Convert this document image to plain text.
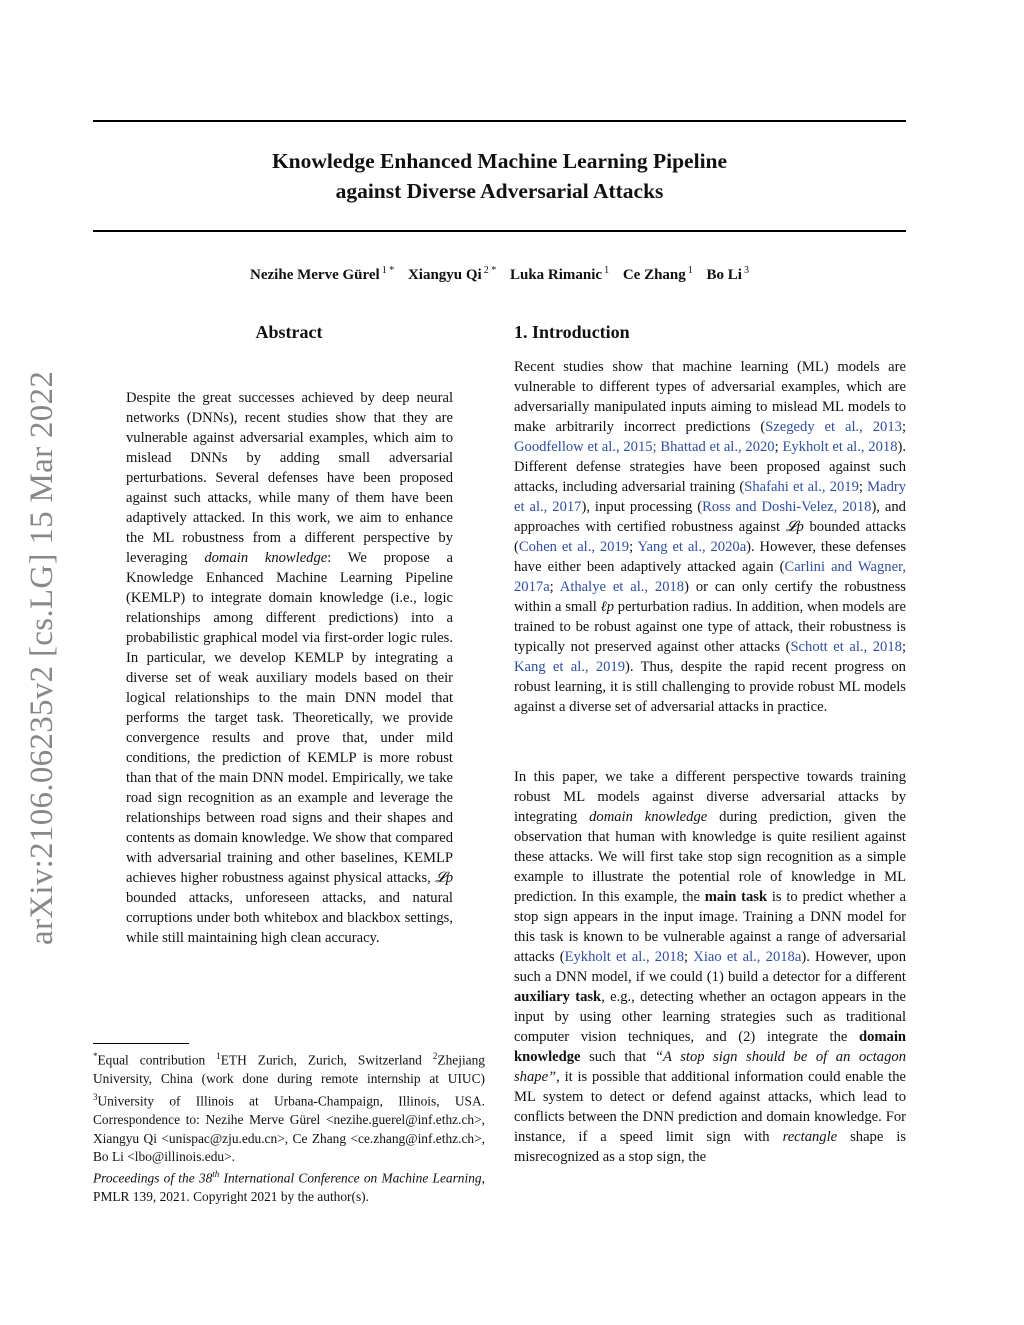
arXiv:2106.06235v2 [cs.LG] 15 Mar 2022
Knowledge Enhanced Machine Learning Pipeline
against Diverse Adversarial Attacks
Nezihe Merve Gürel $^{1 *}$ Xiangyu Qi $^{2 *}$ Luka Rimanic $^1$ Ce Zhang $^1$ Bo Li $^3$
Abstract
Despite the great successes achieved by deep neural networks (DNNs), recent studies show that they are vulnerable against adversarial examples, which aim to mislead DNNs by adding small adversarial perturbations. Several defenses have been proposed against such attacks, while many of them have been adaptively attacked. In this work, we aim to enhance the ML robustness from a different perspective by leveraging domain knowledge: We propose a Knowledge Enhanced Machine Learning Pipeline (KEMLP) to integrate domain knowledge (i.e., logic relationships among different predictions) into a probabilistic graphical model via first-order logic rules. In particular, we develop KEMLP by integrating a diverse set of weak auxiliary models based on their logical relationships to the main DNN model that performs the target task. Theoretically, we provide convergence results and prove that, under mild conditions, the prediction of KEMLP is more robust than that of the main DNN model. Empirically, we take road sign recognition as an example and leverage the relationships between road signs and their shapes and contents as domain knowledge. We show that compared with adversarial training and other baselines, KEMLP achieves higher robustness against physical attacks, 𝓛p bounded attacks, unforeseen attacks, and natural corruptions under both whitebox and blackbox settings, while still maintaining high clean accuracy.
1. Introduction
Recent studies show that machine learning (ML) models are vulnerable to different types of adversarial examples, which are adversarially manipulated inputs aiming to mislead ML models to make arbitrarily incorrect predictions (Szegedy et al., 2013; Goodfellow et al., 2015; Bhattad et al., 2020; Eykholt et al., 2018). Different defense strategies have been proposed against such attacks, including adversarial training (Shafahi et al., 2019; Madry et al., 2017), input processing (Ross and Doshi-Velez, 2018), and approaches with certified robustness against 𝓛p bounded attacks (Cohen et al., 2019; Yang et al., 2020a). However, these defenses have either been adaptively attacked again (Carlini and Wagner, 2017a; Athalye et al., 2018) or can only certify the robustness within a small ℓp perturbation radius. In addition, when models are trained to be robust against one type of attack, their robustness is typically not preserved against other attacks (Schott et al., 2018; Kang et al., 2019). Thus, despite the rapid recent progress on robust learning, it is still challenging to provide robust ML models against a diverse set of adversarial attacks in practice.
In this paper, we take a different perspective towards training robust ML models against diverse adversarial attacks by integrating domain knowledge during prediction, given the observation that human with knowledge is quite resilient against these attacks. We will first take stop sign recognition as a simple example to illustrate the potential role of knowledge in ML prediction. In this example, the main task is to predict whether a stop sign appears in the input image. Training a DNN model for this task is known to be vulnerable against a range of adversarial attacks (Eykholt et al., 2018; Xiao et al., 2018a). However, upon such a DNN model, if we could (1) build a detector for a different auxiliary task, e.g., detecting whether an octagon appears in the input by using other learning strategies such as traditional computer vision techniques, and (2) integrate the domain knowledge such that “A stop sign should be of an octagon shape”, it is possible that additional information could enable the ML system to detect or defend against attacks, which lead to conflicts between the DNN prediction and domain knowledge. For instance, if a speed limit sign with rectangle shape is misrecognized as a stop sign, the
*Equal contribution $^1$ETH Zurich, Zurich, Switzerland $^2$Zhejiang University, China (work done during remote internship at UIUC) $^3$University of Illinois at Urbana-Champaign, Illinois, USA. Correspondence to: Nezihe Merve Gürel <nezihe.guerel@inf.ethz.ch>, Xiangyu Qi <unispac@zju.edu.cn>, Ce Zhang <ce.zhang@inf.ethz.ch>, Bo Li <lbo@illinois.edu>.
Proceedings of the 38th International Conference on Machine Learning, PMLR 139, 2021. Copyright 2021 by the author(s).
